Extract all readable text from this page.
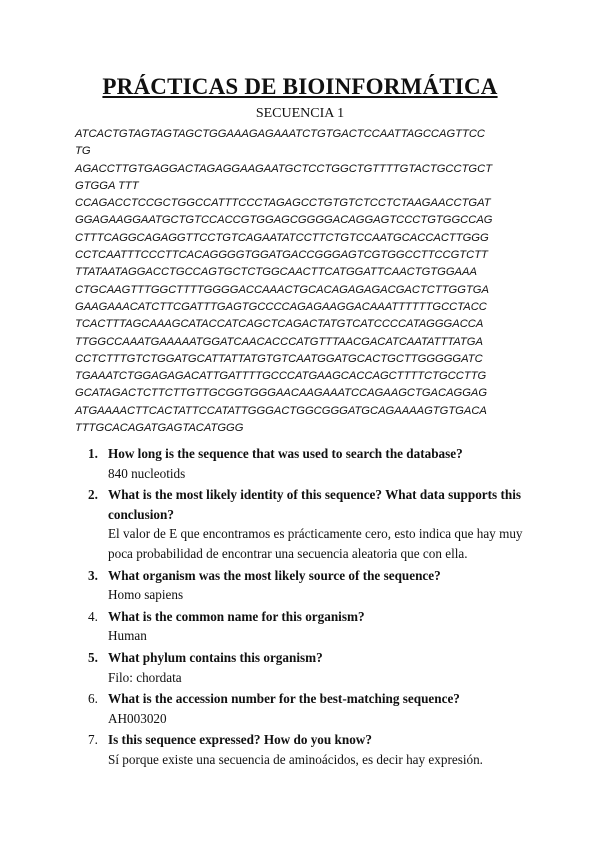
PRÁCTICAS DE BIOINFORMÁTICA
SECUENCIA 1
ATCACTGTAGTAGTAGCTGGAAAGAGAAATCTGTGACTCCAATTAGCCAGTTCC
TG
AGACCTTGTGAGGACTAGAGGAAGAATGCTCCTGGCTGTTTTGTACTGCCTGCT
GTGGA TTT
CCAGACCTCCGCTGGCCATTTCCCTAGAGCCTGTGTCTCCTCTAAGAACCTGAT
GGAGAAGGAATGCTGTCCACCGTGGAGCGGGGACAGGAGTCCCTGTGGCCAG
CTTTCAGGCAGAGGTTCCTGTCAGAATATCCTTCTGTCCAATGCACCACTTGGG
CCTCAATTTCCCTTCACAGGGGTGGATGACCGGGAGTCGTGGCCTTCCGTCTT
TTATAATAGGACCTGCCAGTGCTCTGGCAACTTCATGGATTCAACTGTGGAAA
CTGCAAGTTTGGCTTTTGGGGACCAAACTGCACAGAGAGACGACTCTTGGTGA
GAAGAAACATCTTCGATTTGAGTGCCCCAGAGAAGGACAAATTTTTTGCCTACC
TCACTTTAGCAAAGCATACCATCAGCTCAGACTATGTCATCCCCATAGGGACCA
TTGGCCAAATGAAAAATGGATCAACACCCATGTTTAACGACATCAATATTTATGA
CCTCTTTGTCTGGATGCATTATTATGTGTCAATGGATGCACTGCTTGGGGGATC
TGAAATCTGGAGAGACATTGATTTTGCCCATGAAGCACCAGCTTTTCTGCCTTG
GCATAGACTCTTCTTGTTGCGGTGGGAACAAGAAATCCAGAAGCTGACAGGAG
ATGAAAACTTCACTATTCCATATTGGGACTGGCGGGATGCAGAAAAGTGTGACA
TTTGCACAGATGAGTACATGGG
1. How long is the sequence that was used to search the database?
840 nucleotids
2. What is the most likely identity of this sequence? What data supports this conclusion?
El valor de E que encontramos es prácticamente cero, esto indica que hay muy poca probabilidad de encontrar una secuencia aleatoria que con ella.
3. What organism was the most likely source of the sequence?
Homo sapiens
4. What is the common name for this organism?
Human
5. What phylum contains this organism?
Filo: chordata
6. What is the accession number for the best-matching sequence?
AH003020
7. Is this sequence expressed? How do you know?
Sí porque existe una secuencia de aminoácidos, es decir hay expresión.
